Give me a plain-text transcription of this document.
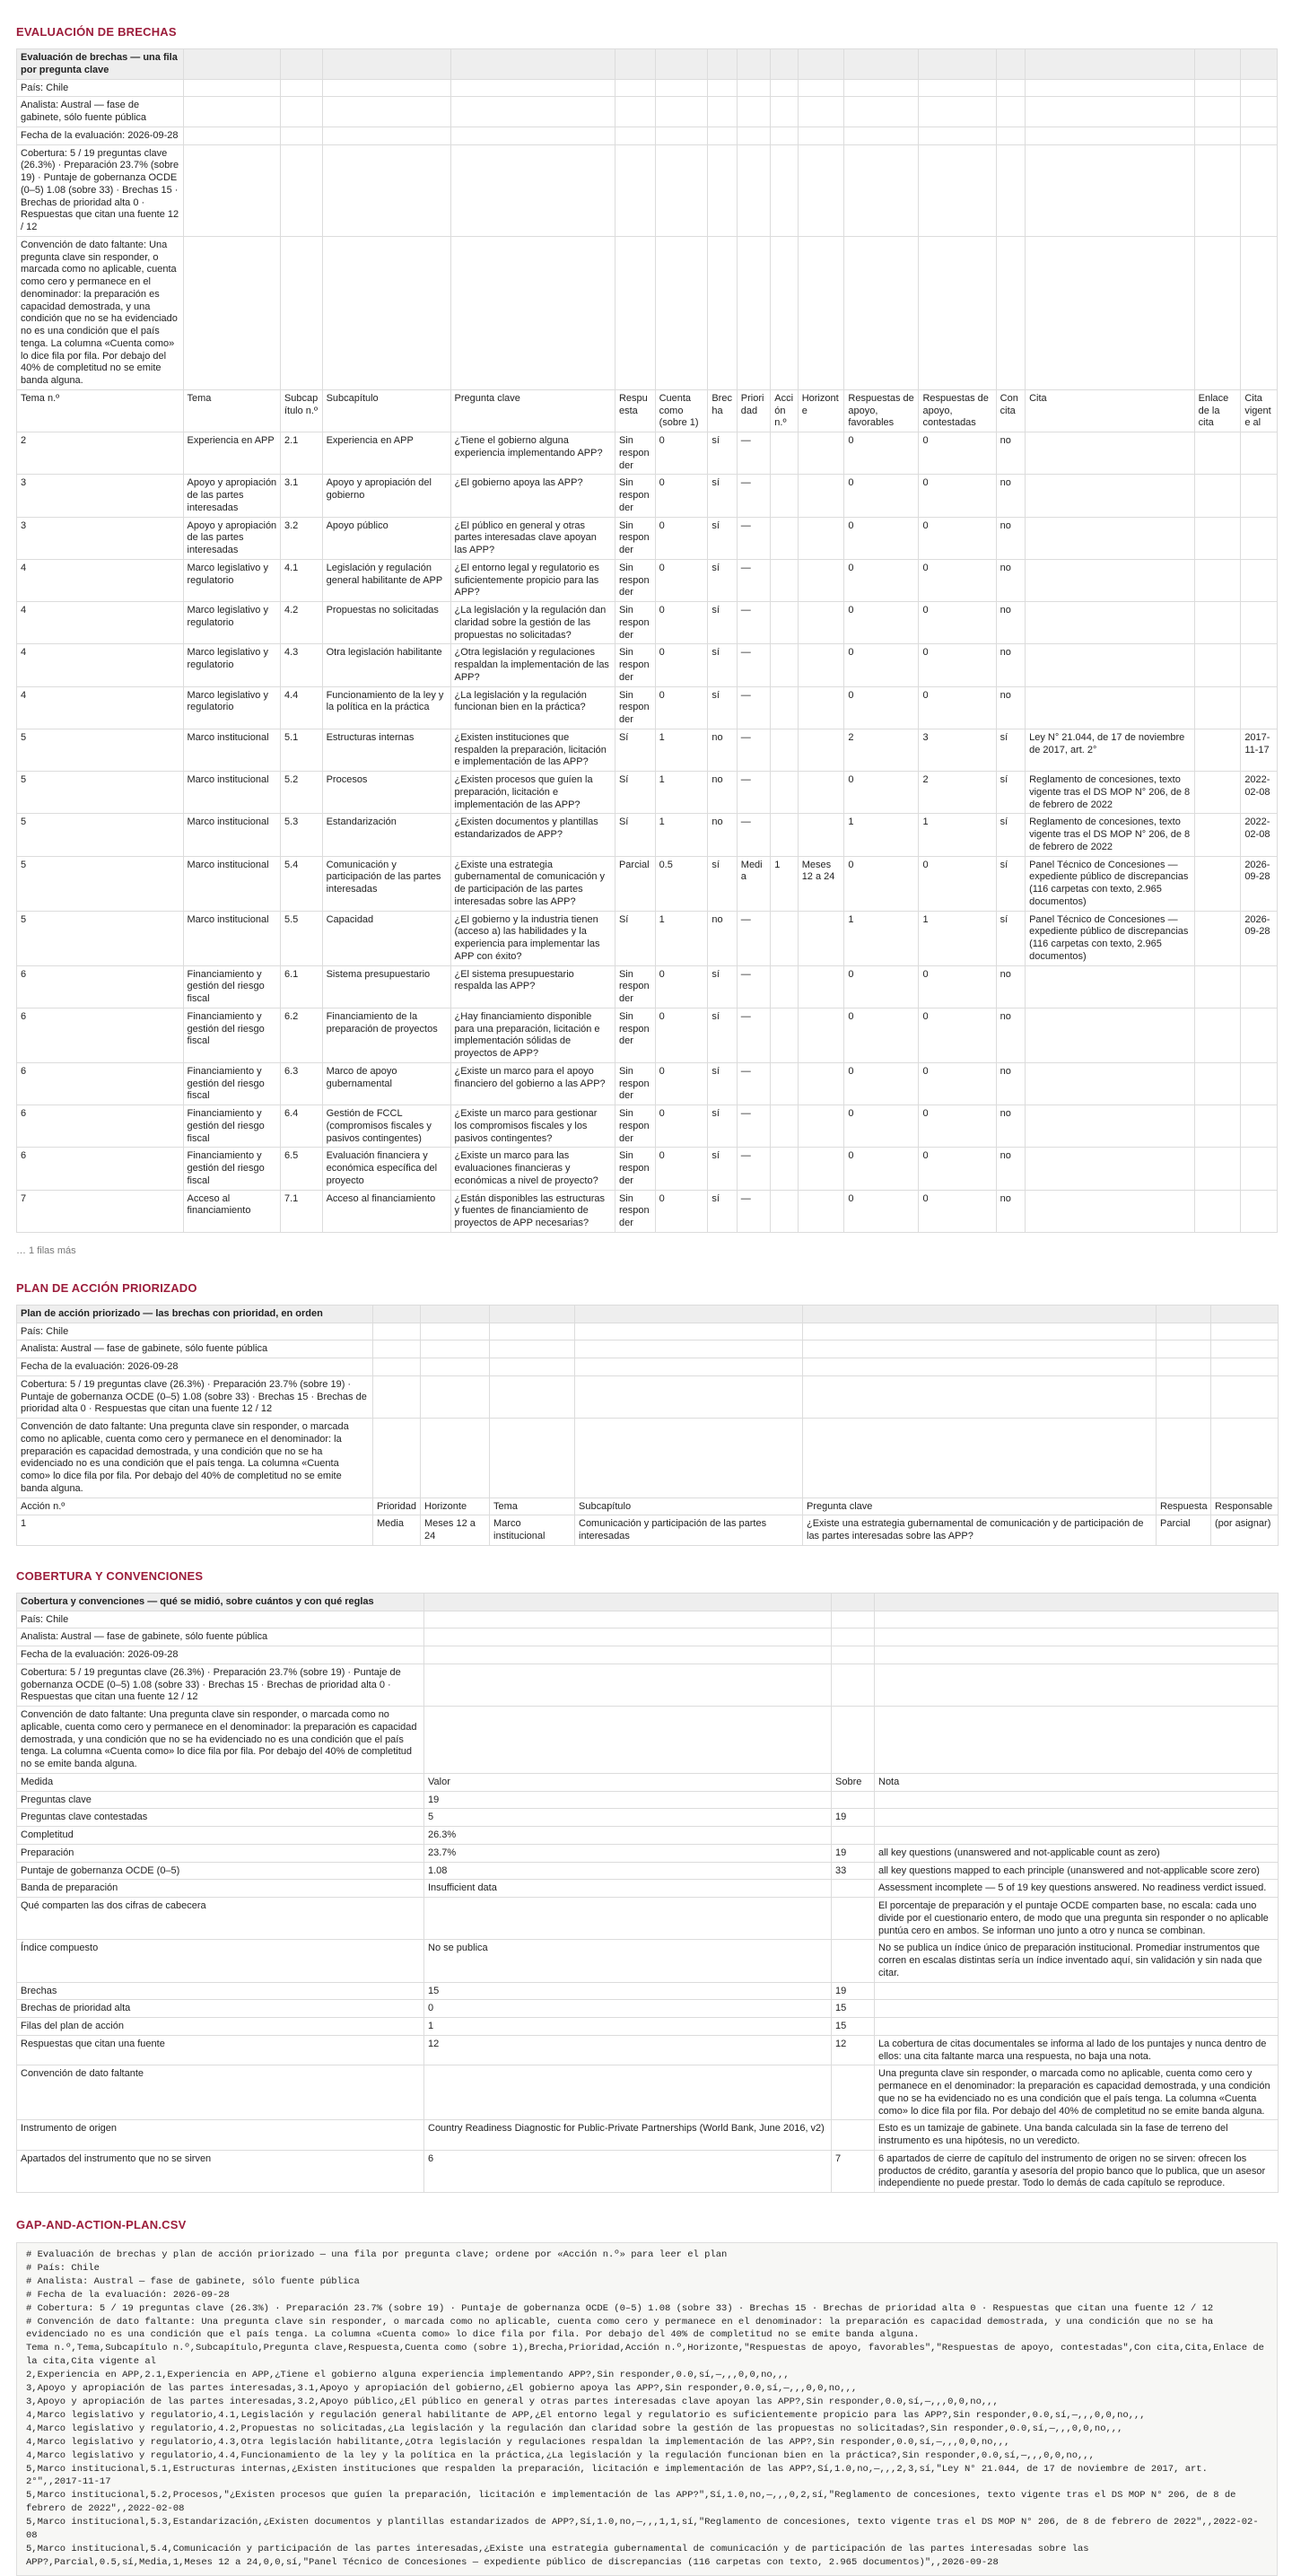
EVALUACIÓN DE BRECHAS
Evaluación de brechas — una fila por pregunta clave																
País: Chile																
Analista: Austral — fase de gabinete, sólo fuente pública																
Fecha de la evaluación: 2026-09-28																
Cobertura: 5 / 19 preguntas clave (26.3%) · Preparación 23.7% (sobre 19) · Puntaje de gobernanza OCDE (0–5) 1.08 (sobre 33) · Brechas 15 · Brechas de prioridad alta 0 · Respuestas que citan una fuente 12 / 12																
Convención de dato faltante: Una pregunta clave sin responder, o marcada como no aplicable, cuenta como cero y permanece en el denominador: la preparación es capacidad demostrada, y una condición que no se ha evidenciado no es una condición que el país tenga. La columna «Cuenta como» lo dice fila por fila. Por debajo del 40% de completitud no se emite banda alguna.																
Tema n.º	Tema	Subcapítulo n.º	Subcapítulo	Pregunta clave	Respuesta	Cuenta como (sobre 1)	Brecha	Prioridad	Acción n.º	Horizonte	Respuestas de apoyo, favorables	Respuestas de apoyo, contestadas	Con cita	Cita	Enlace de la cita	Cita vigente al
2	Experiencia en APP	2.1	Experiencia en APP	¿Tiene el gobierno alguna experiencia implementando APP?	Sin responder	0	sí	—			0	0	no			
3	Apoyo y apropiación de las partes interesadas	3.1	Apoyo y apropiación del gobierno	¿El gobierno apoya las APP?	Sin responder	0	sí	—			0	0	no			
3	Apoyo y apropiación de las partes interesadas	3.2	Apoyo público	¿El público en general y otras partes interesadas clave apoyan las APP?	Sin responder	0	sí	—			0	0	no			
4	Marco legislativo y regulatorio	4.1	Legislación y regulación general habilitante de APP	¿El entorno legal y regulatorio es suficientemente propicio para las APP?	Sin responder	0	sí	—			0	0	no			
4	Marco legislativo y regulatorio	4.2	Propuestas no solicitadas	¿La legislación y la regulación dan claridad sobre la gestión de las propuestas no solicitadas?	Sin responder	0	sí	—			0	0	no			
4	Marco legislativo y regulatorio	4.3	Otra legislación habilitante	¿Otra legislación y regulaciones respaldan la implementación de las APP?	Sin responder	0	sí	—			0	0	no			
4	Marco legislativo y regulatorio	4.4	Funcionamiento de la ley y la política en la práctica	¿La legislación y la regulación funcionan bien en la práctica?	Sin responder	0	sí	—			0	0	no			
5	Marco institucional	5.1	Estructuras internas	¿Existen instituciones que respalden la preparación, licitación e implementación de las APP?	Sí	1	no	—			2	3	sí	Ley N° 21.044, de 17 de noviembre de 2017, art. 2°		2017-11-17
5	Marco institucional	5.2	Procesos	¿Existen procesos que guíen la preparación, licitación e implementación de las APP?	Sí	1	no	—			0	2	sí	Reglamento de concesiones, texto vigente tras el DS MOP N° 206, de 8 de febrero de 2022		2022-02-08
5	Marco institucional	5.3	Estandarización	¿Existen documentos y plantillas estandarizados de APP?	Sí	1	no	—			1	1	sí	Reglamento de concesiones, texto vigente tras el DS MOP N° 206, de 8 de febrero de 2022		2022-02-08
5	Marco institucional	5.4	Comunicación y participación de las partes interesadas	¿Existe una estrategia gubernamental de comunicación y de participación de las partes interesadas sobre las APP?	Parcial	0.5	sí	Media	1	Meses 12 a 24	0	0	sí	Panel Técnico de Concesiones — expediente público de discrepancias (116 carpetas con texto, 2.965 documentos)		2026-09-28
5	Marco institucional	5.5	Capacidad	¿El gobierno y la industria tienen (acceso a) las habilidades y la experiencia para implementar las APP con éxito?	Sí	1	no	—			1	1	sí	Panel Técnico de Concesiones — expediente público de discrepancias (116 carpetas con texto, 2.965 documentos)		2026-09-28
6	Financiamiento y gestión del riesgo fiscal	6.1	Sistema presupuestario	¿El sistema presupuestario respalda las APP?	Sin responder	0	sí	—			0	0	no			
6	Financiamiento y gestión del riesgo fiscal	6.2	Financiamiento de la preparación de proyectos	¿Hay financiamiento disponible para una preparación, licitación e implementación sólidas de proyectos de APP?	Sin responder	0	sí	—			0	0	no			
6	Financiamiento y gestión del riesgo fiscal	6.3	Marco de apoyo gubernamental	¿Existe un marco para el apoyo financiero del gobierno a las APP?	Sin responder	0	sí	—			0	0	no			
6	Financiamiento y gestión del riesgo fiscal	6.4	Gestión de FCCL (compromisos fiscales y pasivos contingentes)	¿Existe un marco para gestionar los compromisos fiscales y los pasivos contingentes?	Sin responder	0	sí	—			0	0	no			
6	Financiamiento y gestión del riesgo fiscal	6.5	Evaluación financiera y económica específica del proyecto	¿Existe un marco para las evaluaciones financieras y económicas a nivel de proyecto?	Sin responder	0	sí	—			0	0	no			
7	Acceso al financiamiento	7.1	Acceso al financiamiento	¿Están disponibles las estructuras y fuentes de financiamiento de proyectos de APP necesarias?	Sin responder	0	sí	—			0	0	no			
… 1 filas más
PLAN DE ACCIÓN PRIORIZADO
Plan de acción priorizado — las brechas con prioridad, en orden							
País: Chile							
Analista: Austral — fase de gabinete, sólo fuente pública							
Fecha de la evaluación: 2026-09-28							
Cobertura: 5 / 19 preguntas clave (26.3%) · Preparación 23.7% (sobre 19) · Puntaje de gobernanza OCDE (0–5) 1.08 (sobre 33) · Brechas 15 · Brechas de prioridad alta 0 · Respuestas que citan una fuente 12 / 12							
Convención de dato faltante: Una pregunta clave sin responder, o marcada como no aplicable, cuenta como cero y permanece en el denominador: la preparación es capacidad demostrada, y una condición que no se ha evidenciado no es una condición que el país tenga. La columna «Cuenta como» lo dice fila por fila. Por debajo del 40% de completitud no se emite banda alguna.							
Acción n.º	Prioridad	Horizonte	Tema	Subcapítulo	Pregunta clave	Respuesta	Responsable
1	Media	Meses 12 a 24	Marco institucional	Comunicación y participación de las partes interesadas	¿Existe una estrategia gubernamental de comunicación y de participación de las partes interesadas sobre las APP?	Parcial	(por asignar)
COBERTURA Y CONVENCIONES
Cobertura y convenciones — qué se midió, sobre cuántos y con qué reglas			
País: Chile			
Analista: Austral — fase de gabinete, sólo fuente pública			
Fecha de la evaluación: 2026-09-28			
Cobertura: 5 / 19 preguntas clave (26.3%) · Preparación 23.7% (sobre 19) · Puntaje de gobernanza OCDE (0–5) 1.08 (sobre 33) · Brechas 15 · Brechas de prioridad alta 0 · Respuestas que citan una fuente 12 / 12			
Convención de dato faltante: Una pregunta clave sin responder, o marcada como no aplicable, cuenta como cero y permanece en el denominador: la preparación es capacidad demostrada, y una condición que no se ha evidenciado no es una condición que el país tenga. La columna «Cuenta como» lo dice fila por fila. Por debajo del 40% de completitud no se emite banda alguna.			
Medida	Valor	Sobre	Nota
Preguntas clave	19		
Preguntas clave contestadas	5	19	
Completitud	26.3%		
Preparación	23.7%	19	all key questions (unanswered and not-applicable count as zero)
Puntaje de gobernanza OCDE (0–5)	1.08	33	all key questions mapped to each principle (unanswered and not-applicable score zero)
Banda de preparación	Insufficient data		Assessment incomplete — 5 of 19 key questions answered. No readiness verdict issued.
Qué comparten las dos cifras de cabecera			El porcentaje de preparación y el puntaje OCDE comparten base, no escala: cada uno divide por el cuestionario entero, de modo que una pregunta sin responder o no aplicable puntúa cero en ambos. Se informan uno junto a otro y nunca se combinan.
Índice compuesto	No se publica		No se publica un índice único de preparación institucional. Promediar instrumentos que corren en escalas distintas sería un índice inventado aquí, sin validación y sin nada que citar.
Brechas	15	19	
Brechas de prioridad alta	0	15	
Filas del plan de acción	1	15	
Respuestas que citan una fuente	12	12	La cobertura de citas documentales se informa al lado de los puntajes y nunca dentro de ellos: una cita faltante marca una respuesta, no baja una nota.
Convención de dato faltante			Una pregunta clave sin responder, o marcada como no aplicable, cuenta como cero y permanece en el denominador: la preparación es capacidad demostrada, y una condición que no se ha evidenciado no es una condición que el país tenga. La columna «Cuenta como» lo dice fila por fila. Por debajo del 40% de completitud no se emite banda alguna.
Instrumento de origen	Country Readiness Diagnostic for Public-Private Partnerships (World Bank, June 2016, v2)		Esto es un tamizaje de gabinete. Una banda calculada sin la fase de terreno del instrumento es una hipótesis, no un veredicto.
Apartados del instrumento que no se sirven	6	7	6 apartados de cierre de capítulo del instrumento de origen no se sirven: ofrecen los productos de crédito, garantía y asesoría del propio banco que lo publica, que un asesor independiente no puede prestar. Todo lo demás de cada capítulo se reproduce.
GAP-AND-ACTION-PLAN.CSV
# Evaluación de brechas y plan de acción priorizado — una fila por pregunta clave; ordene por «Acción n.º» para leer el plan
# País: Chile
# Analista: Austral — fase de gabinete, sólo fuente pública
# Fecha de la evaluación: 2026-09-28
# Cobertura: 5 / 19 preguntas clave (26.3%) · Preparación 23.7% (sobre 19) · Puntaje de gobernanza OCDE (0–5) 1.08 (sobre 33) · Brechas 15 · Brechas de prioridad alta 0 · Respuestas que citan una fuente 12 / 12
# Convención de dato faltante: Una pregunta clave sin responder, o marcada como no aplicable, cuenta como cero y permanece en el denominador: la preparación es capacidad demostrada, y una condición que no se ha evidenciado no es una condición que el país tenga. La columna «Cuenta como» lo dice fila por fila. Por debajo del 40% de completitud no se emite banda alguna.
Tema n.º,Tema,Subcapítulo n.º,Subcapítulo,Pregunta clave,Respuesta,Cuenta como (sobre 1),Brecha,Prioridad,Acción n.º,Horizonte,"Respuestas de apoyo, favorables","Respuestas de apoyo, contestadas",Con cita,Cita,Enlace de la cita,Cita vigente al
2,Experiencia en APP,2.1,Experiencia en APP,¿Tiene el gobierno alguna experiencia implementando APP?,Sin responder,0.0,sí,—,,,0,0,no,,,
3,Apoyo y apropiación de las partes interesadas,3.1,Apoyo y apropiación del gobierno,¿El gobierno apoya las APP?,Sin responder,0.0,sí,—,,,0,0,no,,,
3,Apoyo y apropiación de las partes interesadas,3.2,Apoyo público,¿El público en general y otras partes interesadas clave apoyan las APP?,Sin responder,0.0,sí,—,,,0,0,no,,,
4,Marco legislativo y regulatorio,4.1,Legislación y regulación general habilitante de APP,¿El entorno legal y regulatorio es suficientemente propicio para las APP?,Sin responder,0.0,sí,—,,,0,0,no,,,
4,Marco legislativo y regulatorio,4.2,Propuestas no solicitadas,¿La legislación y la regulación dan claridad sobre la gestión de las propuestas no solicitadas?,Sin responder,0.0,sí,—,,,0,0,no,,,
4,Marco legislativo y regulatorio,4.3,Otra legislación habilitante,¿Otra legislación y regulaciones respaldan la implementación de las APP?,Sin responder,0.0,sí,—,,,0,0,no,,,
4,Marco legislativo y regulatorio,4.4,Funcionamiento de la ley y la política en la práctica,¿La legislación y la regulación funcionan bien en la práctica?,Sin responder,0.0,sí,—,,,0,0,no,,,
5,Marco institucional,5.1,Estructuras internas,¿Existen instituciones que respalden la preparación, licitación e implementación de las APP?,Sí,1.0,no,—,,,2,3,sí,"Ley N° 21.044, de 17 de noviembre de 2017, art. 2°",,2017-11-17
5,Marco institucional,5.2,Procesos,"¿Existen procesos que guíen la preparación, licitación e implementación de las APP?",Sí,1.0,no,—,,,0,2,sí,"Reglamento de concesiones, texto vigente tras el DS MOP N° 206, de 8 de febrero de 2022",,2022-02-08
5,Marco institucional,5.3,Estandarización,¿Existen documentos y plantillas estandarizados de APP?,Sí,1.0,no,—,,,1,1,sí,"Reglamento de concesiones, texto vigente tras el DS MOP N° 206, de 8 de febrero de 2022",,2022-02-08
5,Marco institucional,5.4,Comunicación y participación de las partes interesadas,¿Existe una estrategia gubernamental de comunicación y de participación de las partes interesadas sobre las APP?,Parcial,0.5,sí,Media,1,Meses 12 a 24,0,0,sí,"Panel Técnico de Concesiones — expediente público de discrepancias (116 carpetas con texto, 2.965 documentos)",,2026-09-28
